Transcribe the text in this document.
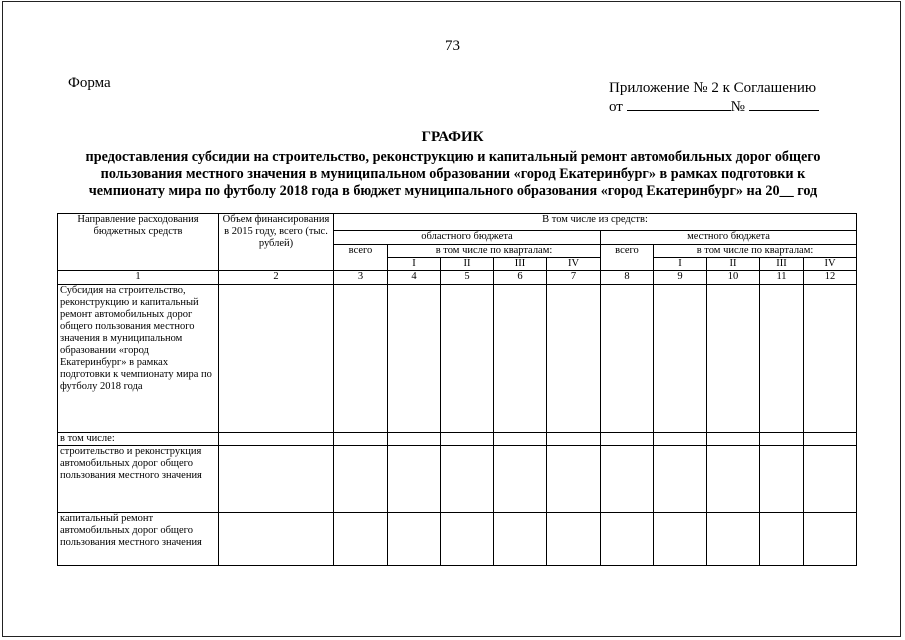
73
Форма	Приложение № 2 к Соглашению
от	№
ГРАФИК
предоставления субсидии на строительство, реконструкцию и капитальный ремонт автомобильных дорог общего
пользования местного значения в муниципальном образовании «город Екатеринбург» в рамках подготовки к
чемпионату мира по футболу 2018 года в бюджет муниципального образования «город Екатеринбург» на 20__ год
Направление расходования бюджетных средств	Объем финансирования в 2015 году, всего (тыс. рублей)	В том числе из средств:									
		областного бюджета					местного бюджета				
		всего	в том числе по кварталам:				всего	в том числе по кварталам:			
			I	II	III	IV		I	II	III	IV
1	2	3	4	5	6	7	8	9	10	11	12
Субсидия на строительство, реконструкцию и капитальный ремонт автомобильных дорог общего пользования местного значения в муниципальном образовании «город Екатеринбург» в рамках подготовки к чемпионату мира по футболу 2018 года											
в том числе:											
строительство и реконструкция автомобильных дорог общего пользования местного значения											
капитальный ремонт автомобильных дорог общего пользования местного значения											
